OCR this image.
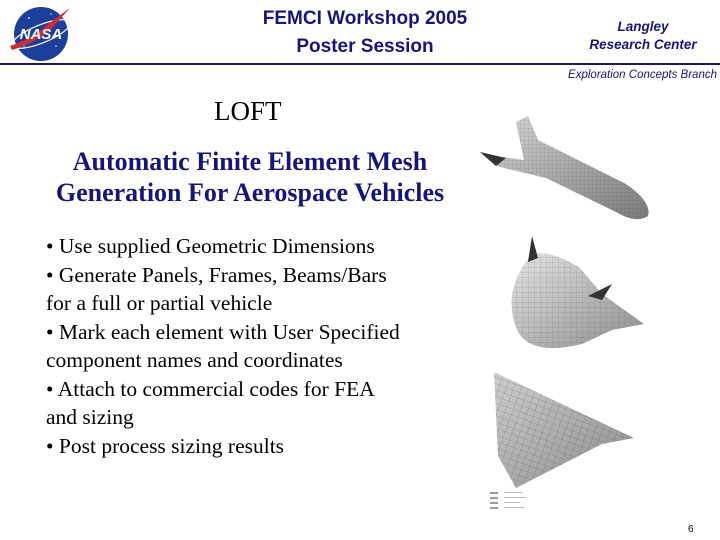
NASA
FEMCI Workshop 2005
Poster Session
Langley
Research Center
Exploration Concepts Branch
LOFT
Automatic Finite Element Mesh
Generation For Aerospace Vehicles
• Use supplied Geometric Dimensions
• Generate Panels, Frames, Beams/Bars
for a full or partial vehicle
• Mark each element with User Specified
component names and coordinates
• Attach to commercial codes for FEA
and sizing
• Post process sizing results
6
